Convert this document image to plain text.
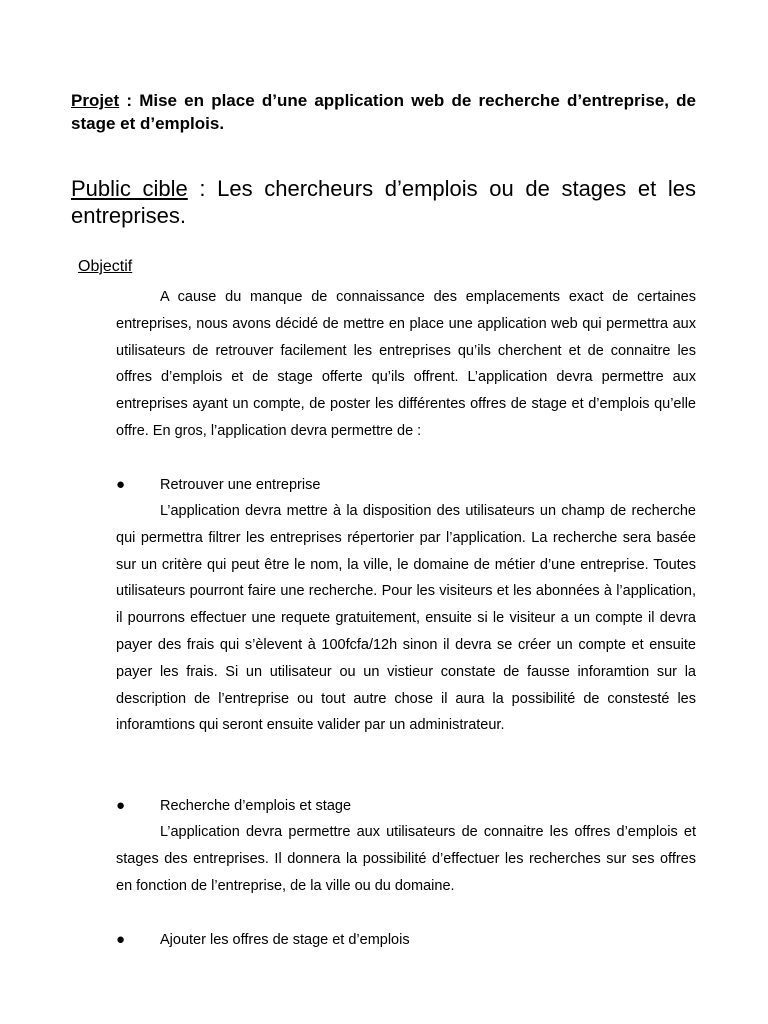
Projet : Mise en place d’une application web de recherche d’entreprise, de stage et d’emplois.
Public cible : Les chercheurs d’emplois ou de stages et les entreprises.
Objectif
A cause du manque de connaissance des emplacements exact de certaines entreprises, nous avons décidé de mettre en place une application web qui permettra aux utilisateurs de retrouver facilement les entreprises qu’ils cherchent et de connaitre les offres d’emplois et de stage offerte qu’ils offrent. L’application devra permettre aux entreprises ayant un compte, de poster les différentes offres de stage et d’emplois qu’elle offre. En gros, l’application devra permettre de :
● Retrouver une entreprise
L’application devra mettre à la disposition des utilisateurs un champ de recherche qui permettra filtrer les entreprises répertorier par l’application. La recherche sera basée sur un critère qui peut être le nom, la ville, le domaine de métier d’une entreprise. Toutes utilisateurs pourront faire une recherche. Pour les visiteurs et les abonnées à l’application, il pourrons effectuer une requete gratuitement, ensuite si le visiteur a un compte il devra payer des frais qui s’èlevent à 100fcfa/12h sinon il devra se créer un compte et ensuite payer les frais. Si un utilisateur ou un vistieur constate de fausse inforamtion sur la description de l’entreprise ou tout autre chose il aura la possibilité de constesté les inforamtions qui seront ensuite valider par un administrateur.
● Recherche d’emplois et stage
L’application devra permettre aux utilisateurs de connaitre les offres d’emplois et stages des entreprises. Il donnera la possibilité d’effectuer les recherches sur ses offres en fonction de l’entreprise, de la ville ou du domaine.
● Ajouter les offres de stage et d’emplois
